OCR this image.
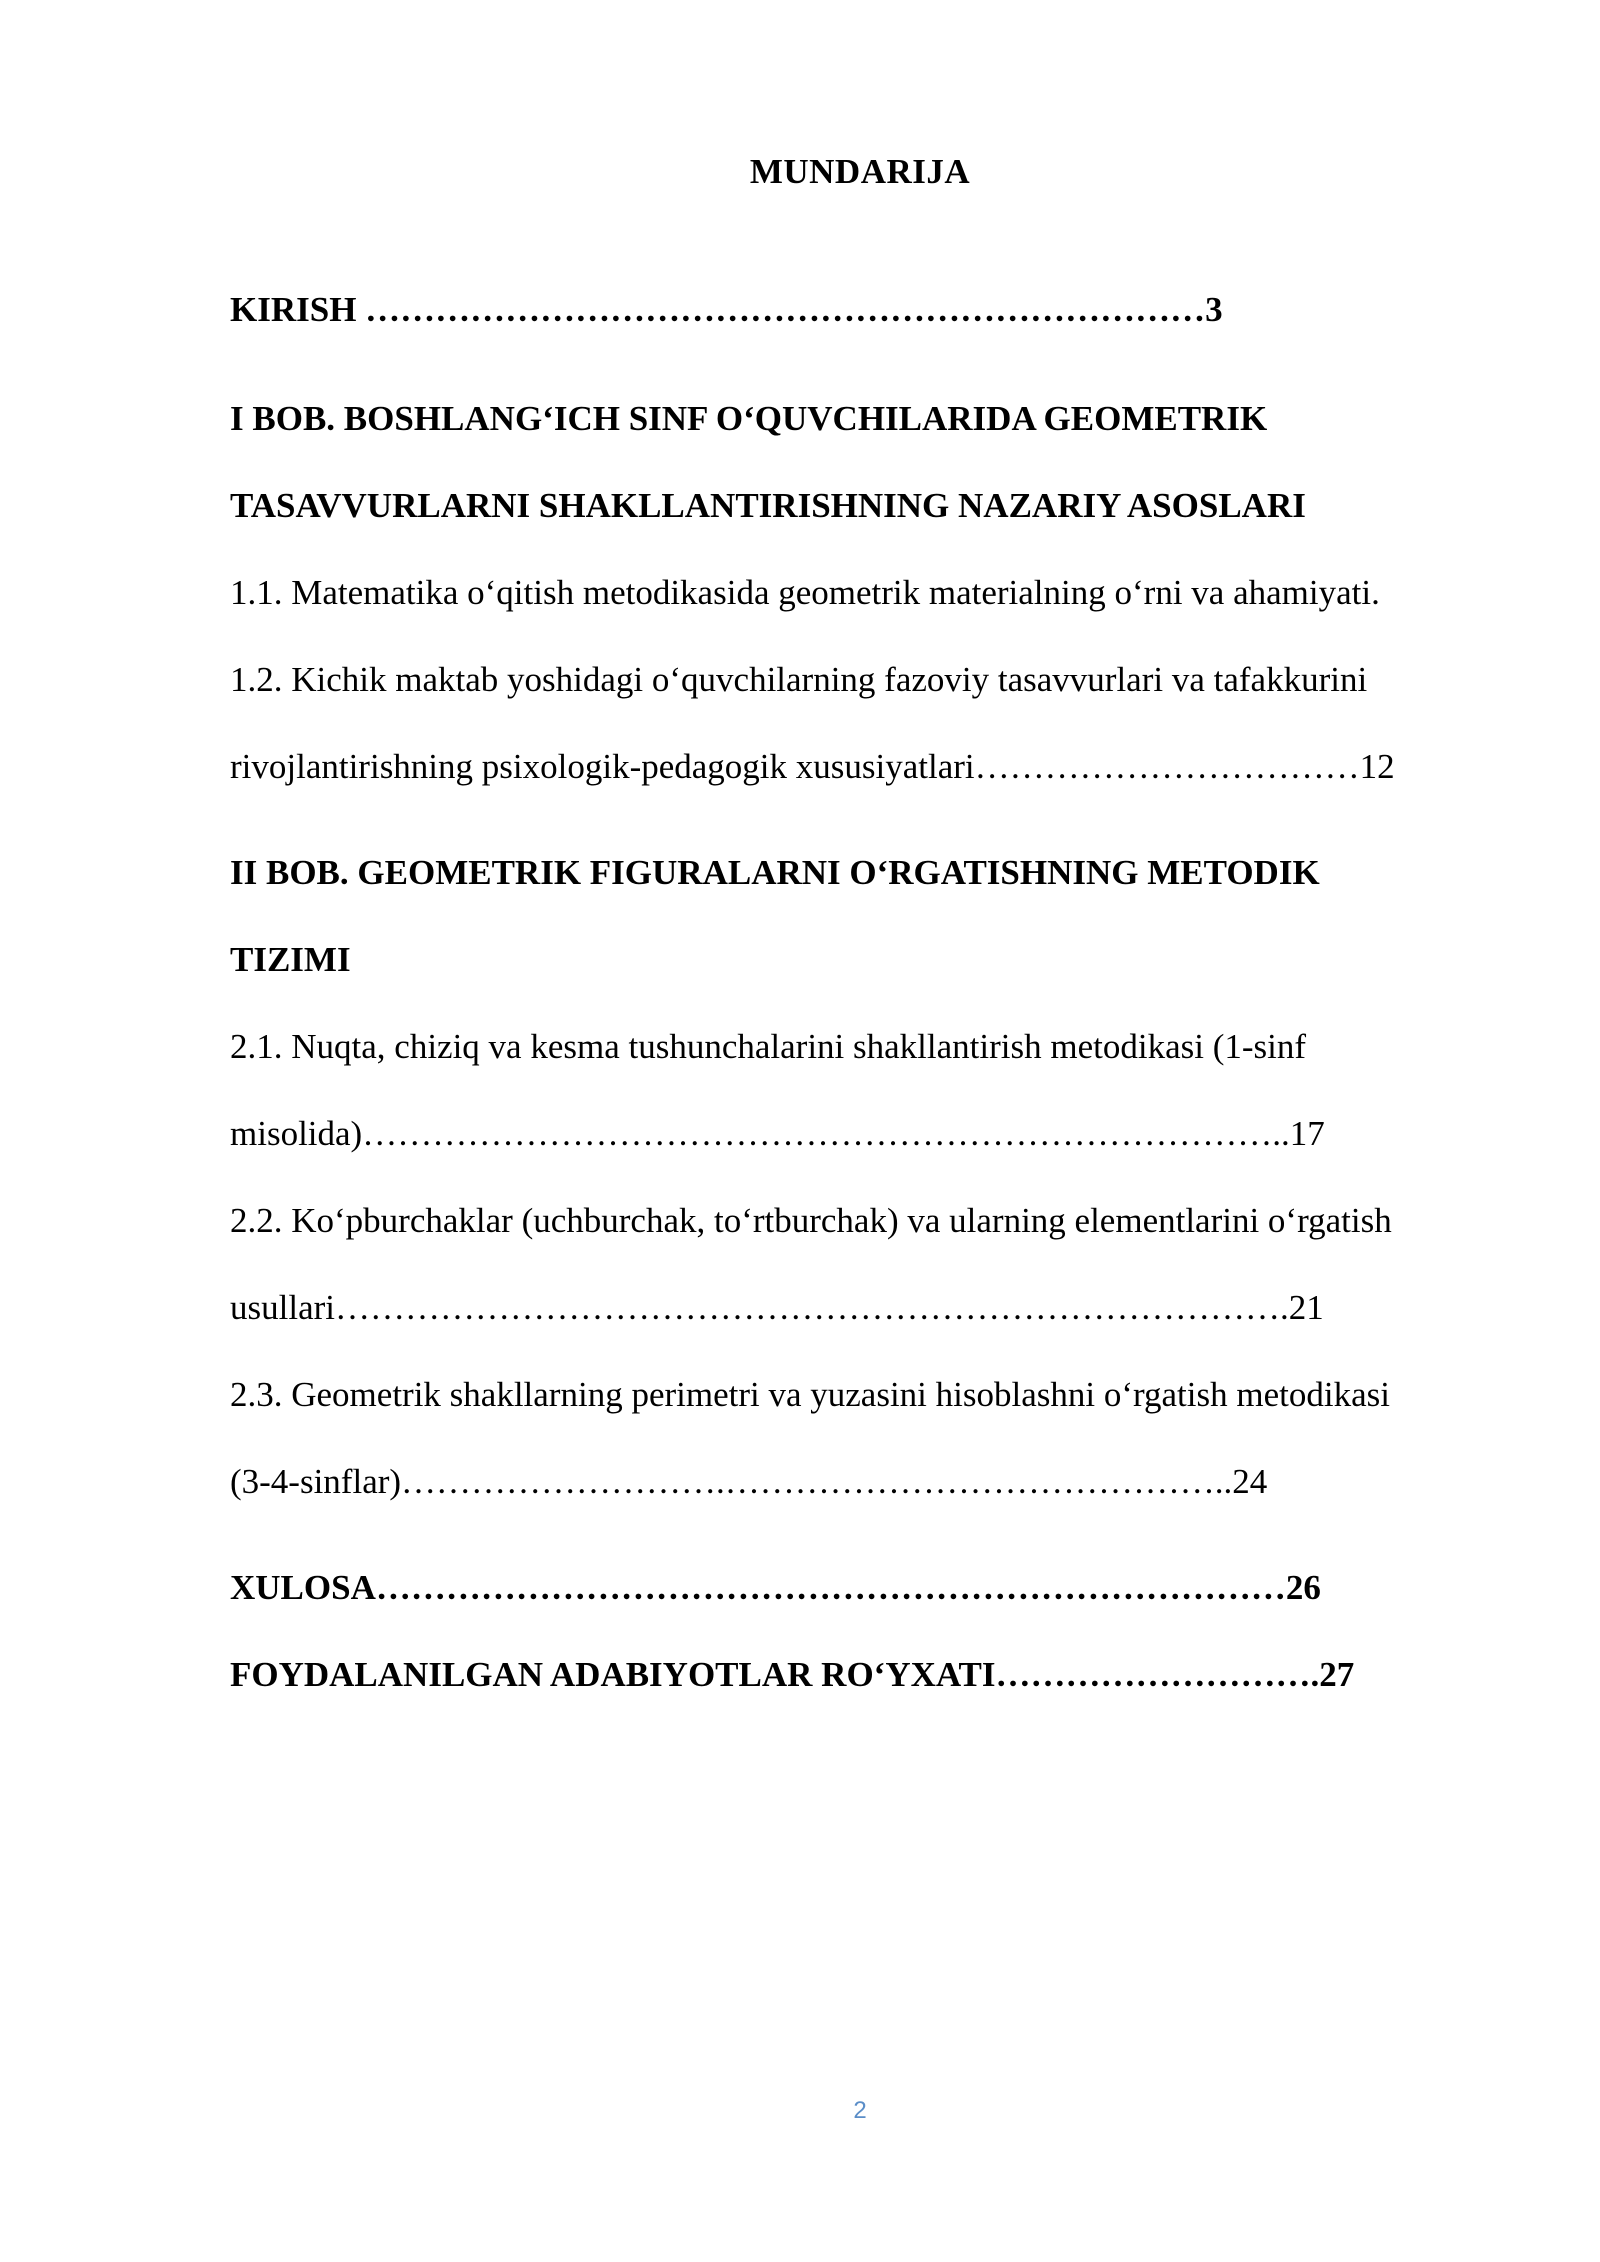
MUNDARIJA
KIRISH ………………………………………………………………3
I BOB. BOSHLANG‘ICH SINF O‘QUVCHILARIDA GEOMETRIK
TASAVVURLARNI SHAKLLANTIRISHNING NAZARIY ASOSLARI
1.1. Matematika o‘qitish metodikasida geometrik materialning o‘rni va ahamiyati.
1.2. Kichik maktab yoshidagi o‘quvchilarning fazoviy tasavvurlari va tafakkurini
rivojlantirishning psixologik-pedagogik xususiyatlari……………………………12
II BOB. GEOMETRIK FIGURALARNI O‘RGATISHNING METODIK
TIZIMI
2.1. Nuqta, chiziq va kesma tushunchalarini shakllantirish metodikasi (1-sinf
misolida)……………………………………………………………………..17
2.2. Ko‘pburchaklar (uchburchak, to‘rtburchak) va ularning elementlarini o‘rgatish
usullari……………………………………………………………………….21
2.3. Geometrik shakllarning perimetri va yuzasini hisoblashni o‘rgatish metodikasi
(3-4-sinflar)……………………….……………………………………..24
XULOSA……………………………………………………………………26
FOYDALANILGAN ADABIYOTLAR RO‘YXATI……………………….27
2
